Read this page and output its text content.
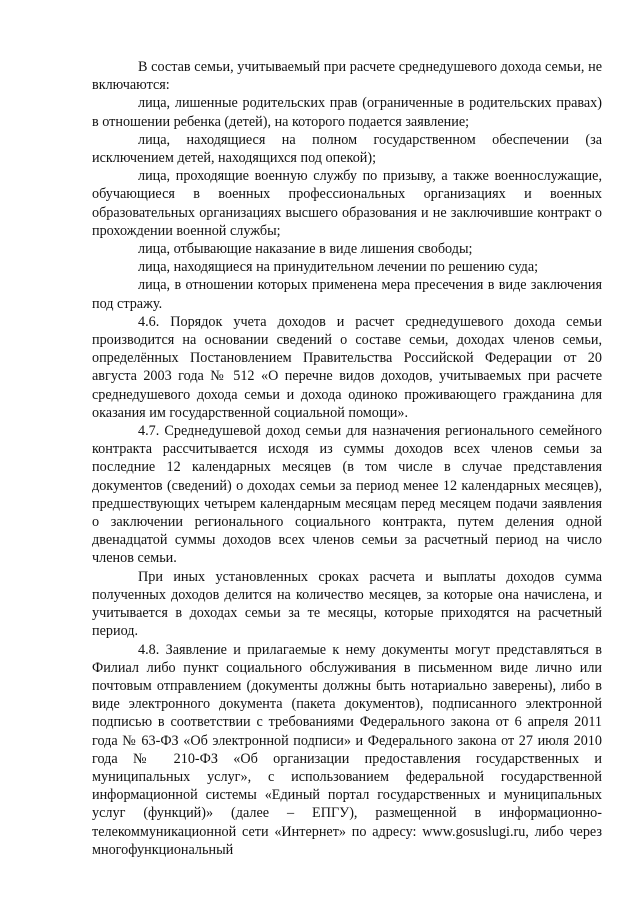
В состав семьи, учитываемый при расчете среднедушевого дохода семьи, не включаются:

лица, лишенные родительских прав (ограниченные в родительских правах) в отношении ребенка (детей), на которого подается заявление;

лица, находящиеся на полном государственном обеспечении (за исключением детей, находящихся под опекой);

лица, проходящие военную службу по призыву, а также военнослужащие, обучающиеся в военных профессиональных организациях и военных образовательных организациях высшего образования и не заключившие контракт о прохождении военной службы;

лица, отбывающие наказание в виде лишения свободы;

лица, находящиеся на принудительном лечении по решению суда;

лица, в отношении которых применена мера пресечения в виде заключения под стражу.

4.6. Порядок учета доходов и расчет среднедушевого дохода семьи производится на основании сведений о составе семьи, доходах членов семьи, определённых Постановлением Правительства Российской Федерации от 20 августа 2003 года № 512 «О перечне видов доходов, учитываемых при расчете среднедушевого дохода семьи и дохода одиноко проживающего гражданина для оказания им государственной социальной помощи».

4.7. Среднедушевой доход семьи для назначения регионального семейного контракта рассчитывается исходя из суммы доходов всех членов семьи за последние 12 календарных месяцев (в том числе в случае представления документов (сведений) о доходах семьи за период менее 12 календарных месяцев), предшествующих четырем календарным месяцам перед месяцем подачи заявления о заключении регионального социального контракта, путем деления одной двенадцатой суммы доходов всех членов семьи за расчетный период на число членов семьи.

При иных установленных сроках расчета и выплаты доходов сумма полученных доходов делится на количество месяцев, за которые она начислена, и учитывается в доходах семьи за те месяцы, которые приходятся на расчетный период.

4.8. Заявление и прилагаемые к нему документы могут представляться в Филиал либо пункт социального обслуживания в письменном виде лично или почтовым отправлением (документы должны быть нотариально заверены), либо в виде электронного документа (пакета документов), подписанного электронной подписью в соответствии с требованиями Федерального закона от 6 апреля 2011 года № 63-ФЗ «Об электронной подписи» и Федерального закона от 27 июля 2010 года № 210-ФЗ «Об организации предоставления государственных и муниципальных услуг», с использованием федеральной государственной информационной системы «Единый портал государственных и муниципальных услуг (функций)» (далее – ЕПГУ), размещенной в информационно-телекоммуникационной сети «Интернет» по адресу: www.gosuslugi.ru, либо через многофункциональный
